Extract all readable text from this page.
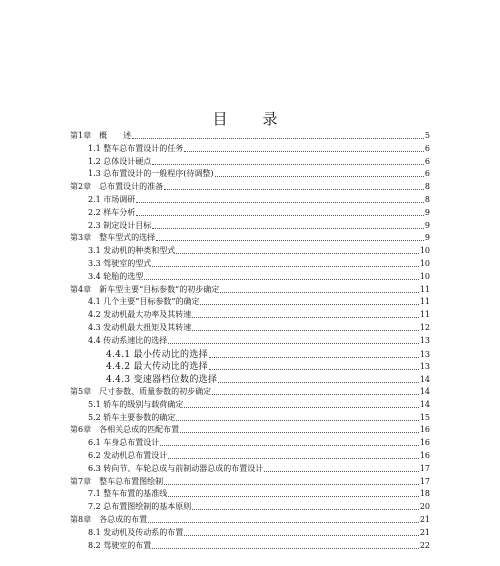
目　录
第1章　概　　述	5
1.1 整车总布置设计的任务	6
1.2 总体设计硬点	6
1.3 总布置设计的一般程序(待调整)	6
第2章　总布置设计的准备	8
2.1 市场调研	8
2.2 样车分析	9
2.3 制定设计目标	9
第3章　整车型式的选择	9
3.1 发动机的种类和型式	10
3.3 驾驶室的型式	10
3.4 轮胎的选型	10
第4章　新车型主要“目标参数”的初步确定	11
4.1 几个主要“目标参数”的确定	11
4.2 发动机最大功率及其转速	11
4.3 发动机最大扭矩及其转速	12
4.4 传动系速比的选择	13
4.4.1 最小传动比的选择	13
4.4.2 最大传动比的选择	13
4.4.3 变速器档位数的选择	14
第5章　尺寸参数、质量参数的初步确定	14
5.1 轿车的级别与载荷确定	14
5.2 轿车主要参数的确定	15
第6章　各相关总成的匹配布置	16
6.1 车身总布置设计	16
6.2 发动机总布置设计	16
6.3 转向节、车轮总成与前制动器总成的布置设计	17
第7章　整车总布置图绘制	17
7.1 整车布置的基准线	18
7.2 总布置图绘制的基本原则	20
第8章　各总成的布置	21
8.1 发动机及传动系的布置	21
8.2 驾驶室的布置	22
